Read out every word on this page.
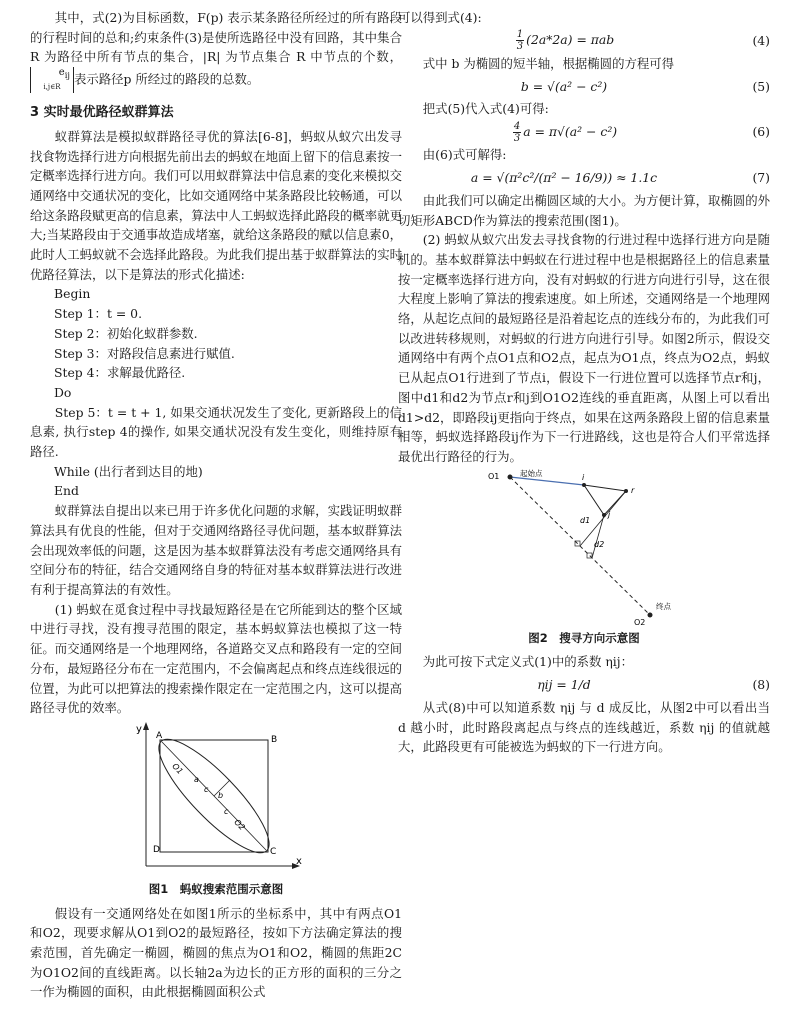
其中，式(2)为目标函数，F(p) 表示某条路径所经过的所有路段的行程时间的总和;约束条件(3)是使所选路径中没有回路，其中集合 R 为路径中所有节点的集合，|R| 为节点集合 R 中节点的个数，$e_{ij}$
i,j∈R表示路径p 所经过的路段的总数。

3 实时最优路径蚁群算法

蚁群算法是模拟蚁群路径寻优的算法[6-8]，蚂蚁从蚁穴出发寻找食物选择行进方向根据先前出去的蚂蚁在地面上留下的信息素按一定概率选择行进方向。我们可以用蚁群算法中信息素的变化来模拟交通网络中交通状况的变化，比如交通网络中某条路段比较畅通，可以给这条路段赋更高的信息素，算法中人工蚂蚁选择此路段的概率就更大;当某路段由于交通事故造成堵塞，就给这条路段的赋以信息素0，此时人工蚂蚁就不会选择此路段。为此我们提出基于蚁群算法的实时优路径算法，以下是算法的形式化描述:

Begin

Step 1：t = 0.

Step 2：初始化蚁群参数.

Step 3：对路段信息素进行赋值.

Step 4：求解最优路径.

Do

Step 5：t = t + 1, 如果交通状况发生了变化, 更新路段上的信息素, 执行step 4的操作, 如果交通状况没有发生变化，则维持原有路径.

While (出行者到达目的地)

End

蚁群算法自提出以来已用于许多优化问题的求解，实践证明蚁群算法具有优良的性能，但对于交通网络路径寻优问题，基本蚁群算法会出现效率低的问题，这是因为基本蚁群算法没有考虑交通网络具有空间分布的特征，结合交通网络自身的特征对基本蚁群算法进行改进有利于提高算法的有效性。

(1) 蚂蚁在觅食过程中寻找最短路径是在它所能到达的整个区域中进行寻找，没有搜寻范围的限定，基本蚂蚁算法也模拟了这一特征。而交通网络是一个地理网络，各道路交叉点和路段有一定的空间分布，最短路径分布在一定范围内，不会偏离起点和终点连线很远的位置，为此可以把算法的搜索操作限定在一定范围之内，这可以提高路径寻优的效率。

y
x
A	B
C
D
O1
a
c
b
c
O2
图1　蚂蚁搜索范围示意图

假设有一交通网络处在如图1所示的坐标系中，其中有两点O1和O2，现要求解从O1到O2的最短路径，按如下方法确定算法的搜索范围，首先确定一椭圆，椭圆的焦点为O1和O2，椭圆的焦距2C为O1O2间的直线距离。以长轴2a为边长的正方形的面积的三分之一作为椭圆的面积，由此根据椭圆面积公式

可以得到式(4):

$\frac{1}{3} (2a*2a) = \pi ab$	(4)

式中 b 为椭圆的短半轴，根据椭圆的方程可得

b = √(a² − c²)	(5)

把式(5)代入式(4)可得:

$\frac{4}{3}$ a = π√(a² − c²)	(6)

由(6)式可解得:

a = √(π²c²/(π² − 16/9)) ≈ 1.1c	(7)

由此我们可以确定出椭圆区域的大小。为方便计算，取椭圆的外切矩形ABCD作为算法的搜索范围(图1)。

(2) 蚂蚁从蚁穴出发去寻找食物的行进过程中选择行进方向是随机的。基本蚁群算法中蚂蚁在行进过程中也是根据路径上的信息素量按一定概率选择行进方向，没有对蚂蚁的行进方向进行引导，这在很大程度上影响了算法的搜索速度。如上所述，交通网络是一个地理网络，从起讫点间的最短路径是沿着起讫点的连线分布的，为此我们可以改进转移规则，对蚂蚁的行进方向进行引导。如图2所示，假设交通网络中有两个点O1点和O2点，起点为O1点，终点为O2点，蚂蚁已从起点O1行进到了节点i，假设下一行进位置可以选择节点r和j，图中d1和d2为节点r和j到O1O2连线的垂直距离，从图上可以看出d1>d2，即路段ij更指向于终点，如果在这两条路段上留的信息素量相等，蚂蚁选择路段ij作为下一行进路线，这也是符合人们平常选择最优出行路径的行为。

O1	起始点	i
r
j
d1
d2
终点
O2
图2　搜寻方向示意图

为此可按下式定义式(1)中的系数 ηij：

ηij = 1/d	(8)

从式(8)中可以知道系数 ηij 与 d 成反比，从图2中可以看出当 d 越小时，此时路段离起点与终点的连线越近，系数 ηij 的值就越大，此路段更有可能被选为蚂蚁的下一行进方向。
